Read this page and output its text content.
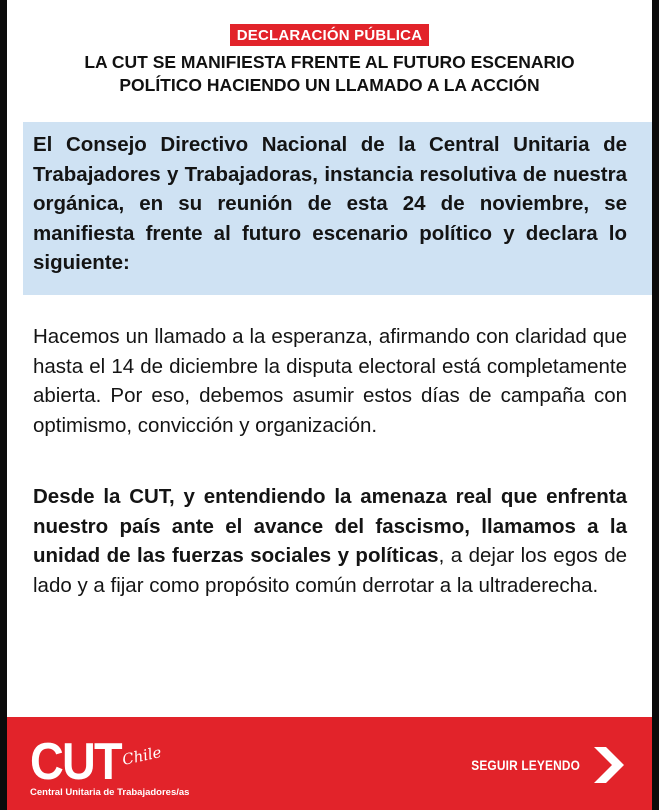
DECLARACIÓN PÚBLICA
LA CUT SE MANIFIESTA FRENTE AL FUTURO ESCENARIO
POLÍTICO HACIENDO UN LLAMADO A LA ACCIÓN

El Consejo Directivo Nacional de la Central Unitaria de Trabajadores y Trabajadoras, instancia resolutiva de nuestra orgánica, en su reunión de esta 24 de noviembre, se manifiesta frente al futuro escenario político y declara lo siguiente:

Hacemos un llamado a la esperanza, afirmando con claridad que hasta el 14 de diciembre la disputa electoral está completamente abierta. Por eso, debemos asumir estos días de campaña con optimismo, convicción y organización.

Desde la CUT, y entendiendo la amenaza real que enfrenta nuestro país ante el avance del fascismo, llamamos a la unidad de las fuerzas sociales y políticas, a dejar los egos de lado y a fijar como propósito común derrotar a la ultraderecha.

CUT Chile
Central Unitaria de Trabajadores/as
SEGUIR LEYENDO
